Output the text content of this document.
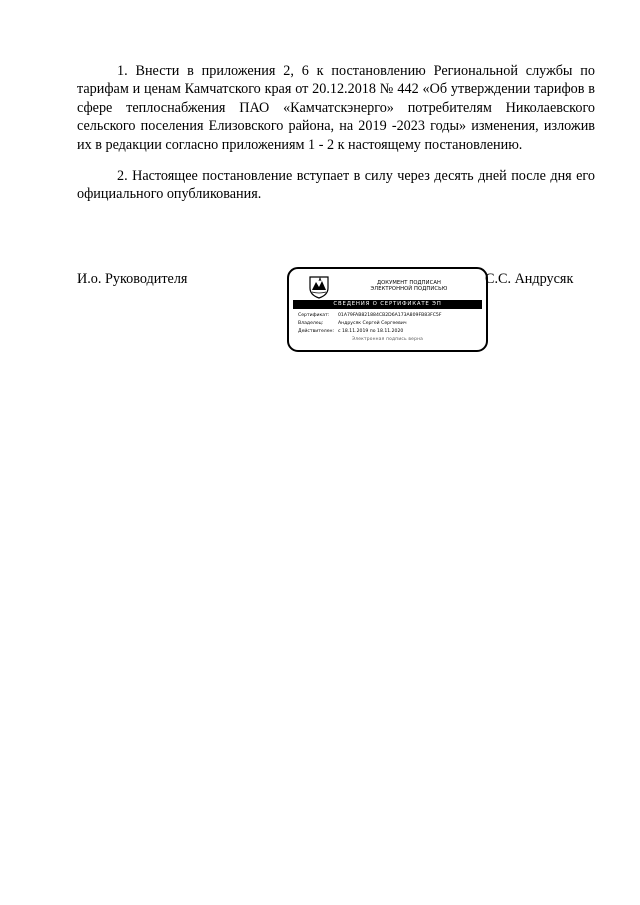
1. Внести в приложения 2, 6 к постановлению Региональной службы по тарифам и ценам Камчатского края от 20.12.2018 № 442 «Об утверждении тарифов в сфере теплоснабжения ПАО «Камчатскэнерго» потребителям Николаевского сельского поселения Елизовского района, на 2019 -2023 годы» изменения, изложив их в редакции согласно приложениям 1 - 2 к настоящему постановлению.
2. Настоящее постановление вступает в силу через десять дней после дня его официального опубликования.
И.о. Руководителя	ДОКУМЕНТ ПОДПИСАН
ЭЛЕКТРОННОЙ ПОДПИСЬЮ
СВЕДЕНИЯ О СЕРТИФИКАТЕ ЭП
Сертификат: 01A79FAB821884CB2D6A173A809FB83FC5F
Владелец:	Андрусяк Сергей Сергеевич
Действителен: с 18.11.2019 по 18.11.2020
Электронная подпись верна
С.С. Андрусяк
